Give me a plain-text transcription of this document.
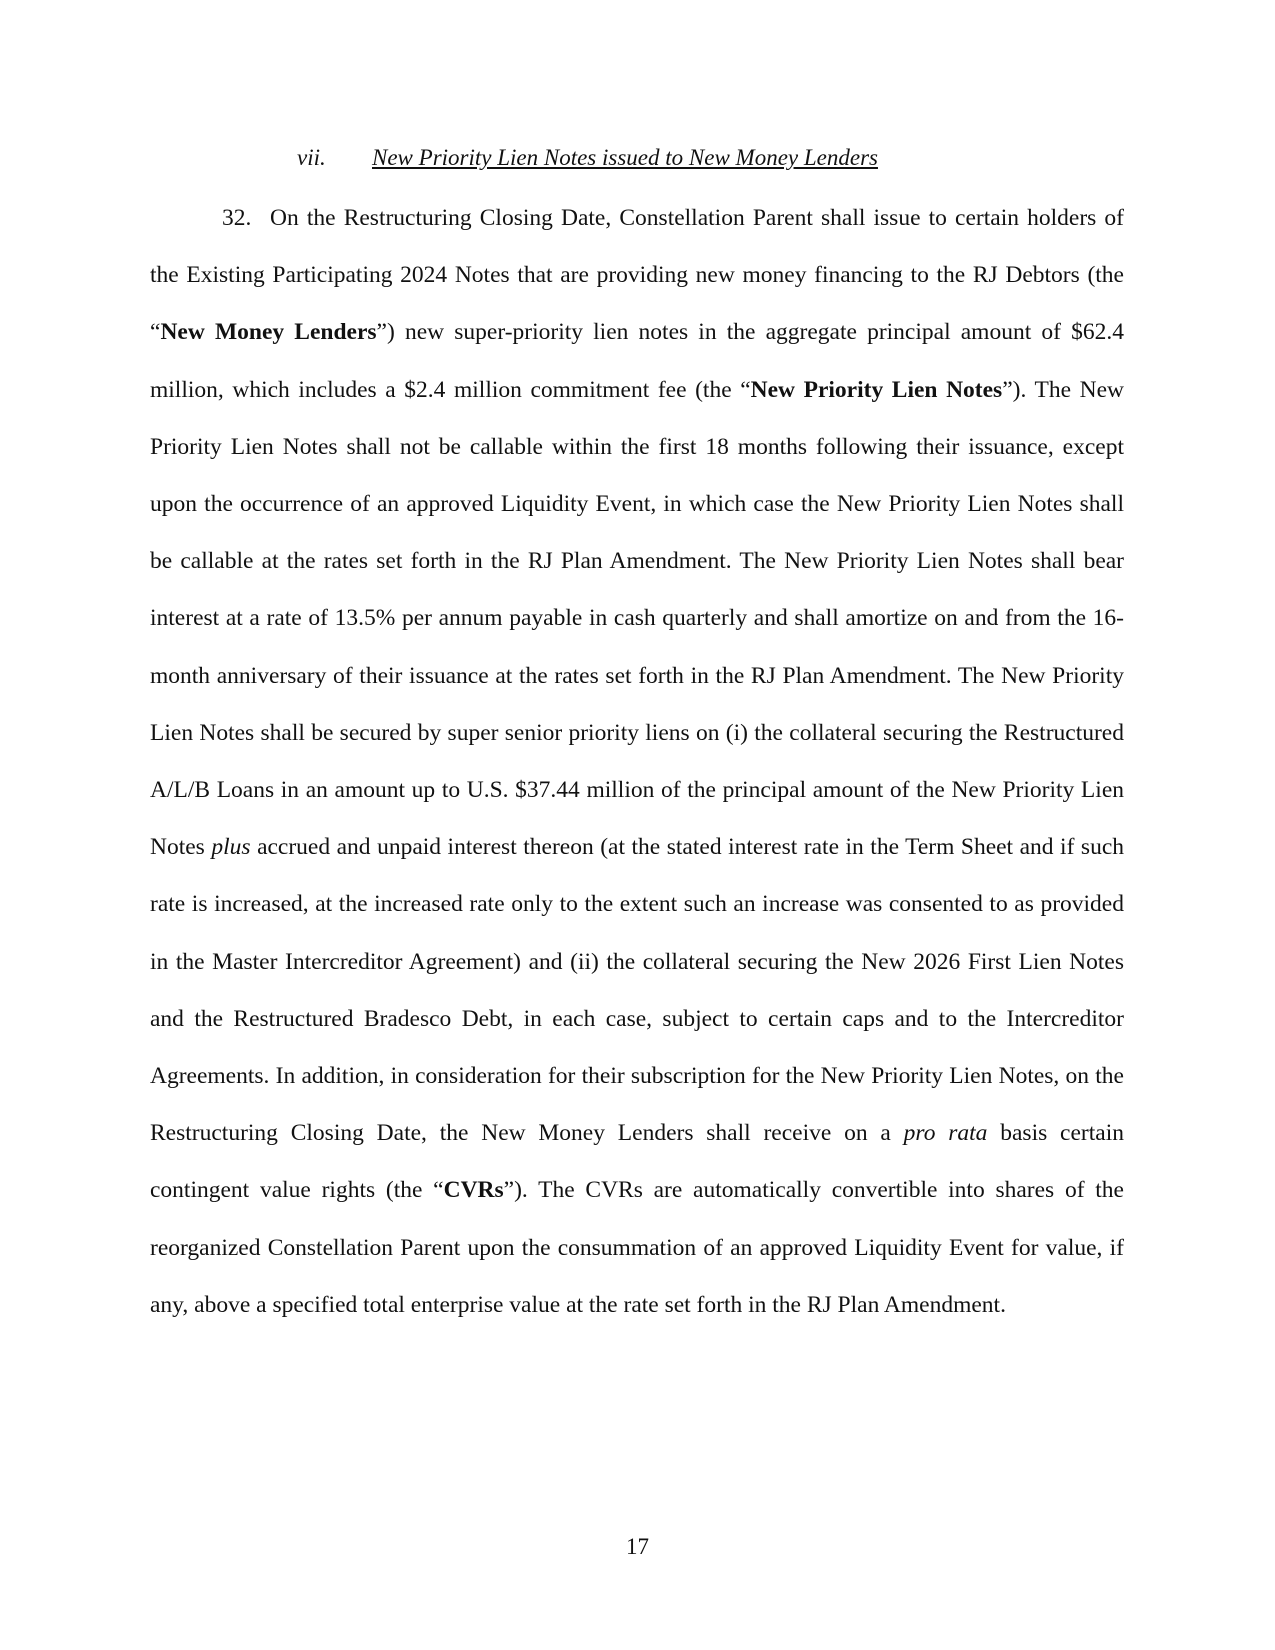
vii. New Priority Lien Notes issued to New Money Lenders
32. On the Restructuring Closing Date, Constellation Parent shall issue to certain holders of the Existing Participating 2024 Notes that are providing new money financing to the RJ Debtors (the “New Money Lenders”) new super-priority lien notes in the aggregate principal amount of $62.4 million, which includes a $2.4 million commitment fee (the “New Priority Lien Notes”). The New Priority Lien Notes shall not be callable within the first 18 months following their issuance, except upon the occurrence of an approved Liquidity Event, in which case the New Priority Lien Notes shall be callable at the rates set forth in the RJ Plan Amendment. The New Priority Lien Notes shall bear interest at a rate of 13.5% per annum payable in cash quarterly and shall amortize on and from the 16-month anniversary of their issuance at the rates set forth in the RJ Plan Amendment. The New Priority Lien Notes shall be secured by super senior priority liens on (i) the collateral securing the Restructured A/L/B Loans in an amount up to U.S. $37.44 million of the principal amount of the New Priority Lien Notes plus accrued and unpaid interest thereon (at the stated interest rate in the Term Sheet and if such rate is increased, at the increased rate only to the extent such an increase was consented to as provided in the Master Intercreditor Agreement) and (ii) the collateral securing the New 2026 First Lien Notes and the Restructured Bradesco Debt, in each case, subject to certain caps and to the Intercreditor Agreements. In addition, in consideration for their subscription for the New Priority Lien Notes, on the Restructuring Closing Date, the New Money Lenders shall receive on a pro rata basis certain contingent value rights (the “CVRs”). The CVRs are automatically convertible into shares of the reorganized Constellation Parent upon the consummation of an approved Liquidity Event for value, if any, above a specified total enterprise value at the rate set forth in the RJ Plan Amendment.
17
